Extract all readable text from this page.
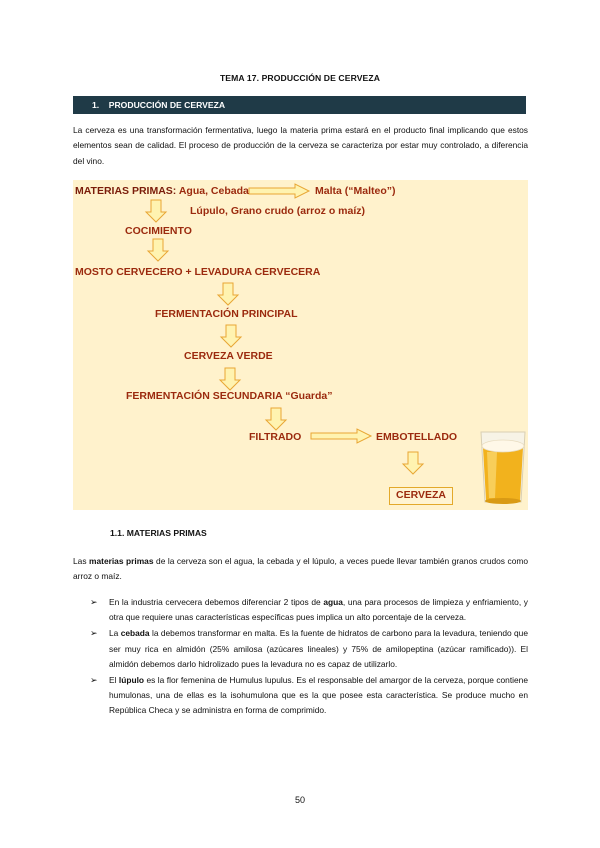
TEMA 17. PRODUCCIÓN DE CERVEZA
1. PRODUCCIÓN DE CERVEZA
La cerveza es una transformación fermentativa, luego la materia prima estará en el producto final implicando que estos elementos sean de calidad. El proceso de producción de la cerveza se caracteriza por estar muy controlado, a diferencia del vino.
MATERIAS PRIMAS: Agua, Cebada	Malta (“Malteo”)
Lúpulo, Grano crudo (arroz o maíz)
COCIMIENTO
MOSTO CERVECERO + LEVADURA CERVECERA
FERMENTACIÓN PRINCIPAL
CERVEZA VERDE
FERMENTACIÓN SECUNDARIA “Guarda”
FILTRADO	EMBOTELLADO
CERVEZA
1.1. MATERIAS PRIMAS
Las materias primas de la cerveza son el agua, la cebada y el lúpulo, a veces puede llevar también granos crudos como arroz o maíz.
➢ En la industria cervecera debemos diferenciar 2 tipos de agua, una para procesos de limpieza y enfriamiento, y otra que requiere unas características específicas pues implica un alto porcentaje de la cerveza.
➢ La cebada la debemos transformar en malta. Es la fuente de hidratos de carbono para la levadura, teniendo que ser muy rica en almidón (25% amilosa (azúcares lineales) y 75% de amilopeptina (azúcar ramificado)). El almidón debemos darlo hidrolizado pues la levadura no es capaz de utilizarlo.
➢ El lúpulo es la flor femenina de Humulus lupulus. Es el responsable del amargor de la cerveza, porque contiene humulonas, una de ellas es la isohumulona que es la que posee esta característica. Se produce mucho en República Checa y se administra en forma de comprimido.
50
